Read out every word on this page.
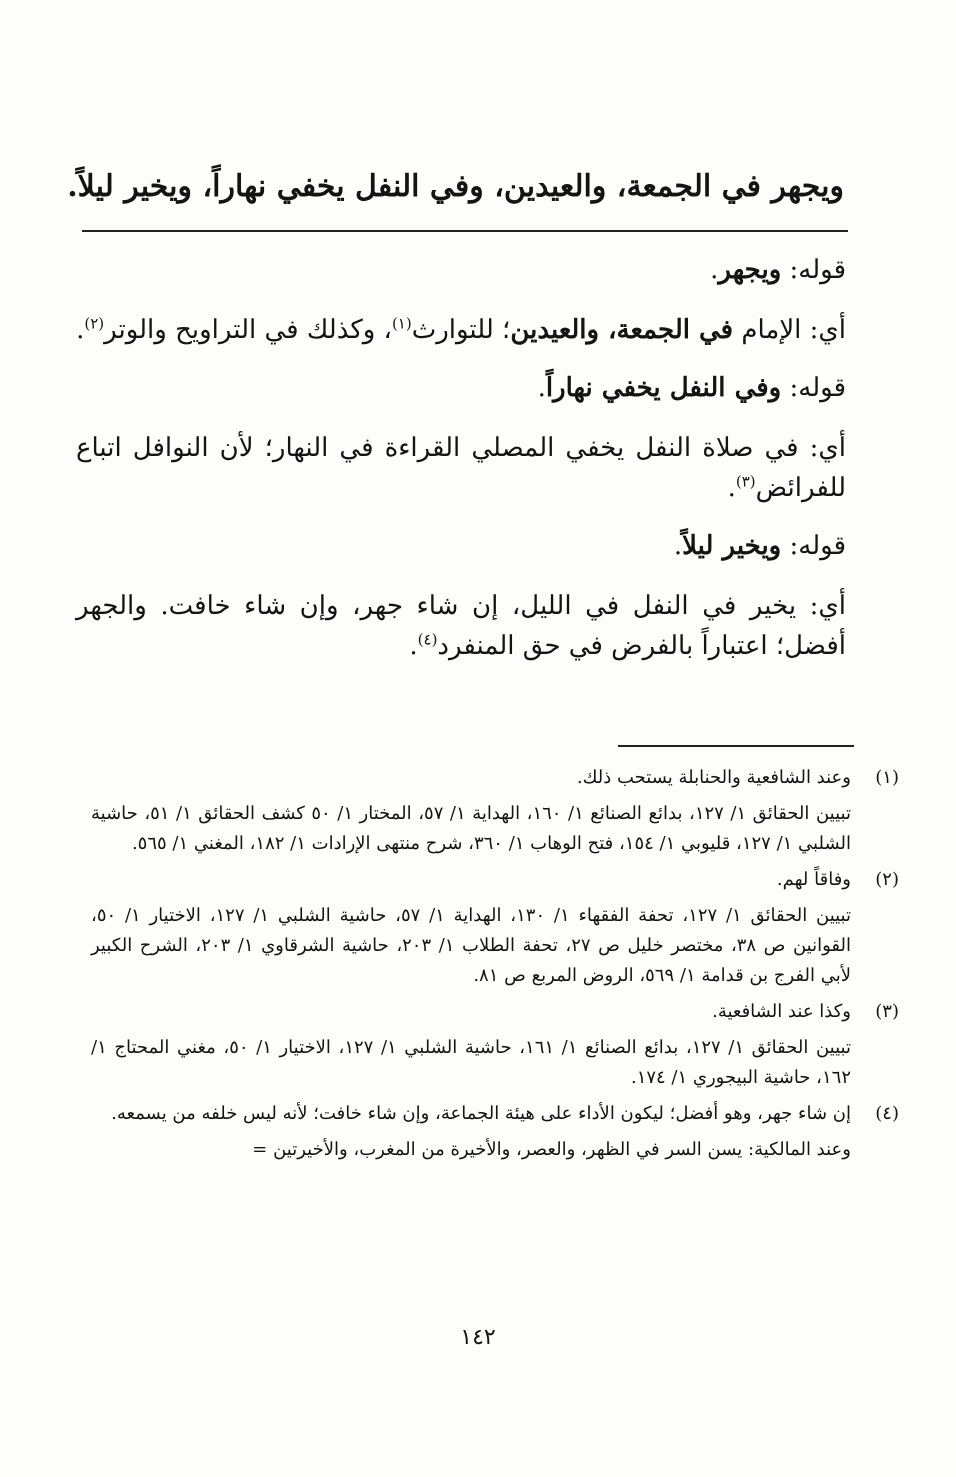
ويجهر في الجمعة، والعيدين، وفي النفل يخفي نهاراً، ويخير ليلاً.

قوله: ويجهر.

أي: الإمام في الجمعة، والعيدين؛ للتوارث$^{(١)}$، وكذلك في التراويح والوتر$^{(٢)}$.

قوله: وفي النفل يخفي نهاراً.

أي: في صلاة النفل يخفي المصلي القراءة في النهار؛ لأن النوافل اتباع للفرائض$^{(٣)}$.

قوله: ويخير ليلاً.

أي: يخير في النفل في الليل، إن شاء جهر، وإن شاء خافت. والجهر أفضل؛ اعتباراً بالفرض في حق المنفرد$^{(٤)}$.

(١)

وعند الشافعية والحنابلة يستحب ذلك.

تبيين الحقائق ١/ ١٢٧، بدائع الصنائع ١/ ١٦٠، الهداية ١/ ٥٧، المختار ١/ ٥٠ كشف الحقائق ١/ ٥١، حاشية الشلبي ١/ ١٢٧، قليوبي ١/ ١٥٤، فتح الوهاب ١/ ٣٦٠، شرح منتهى الإرادات ١/ ١٨٢، المغني ١/ ٥٦٥.

(٢)

وفاقاً لهم.

تبيين الحقائق ١/ ١٢٧، تحفة الفقهاء ١/ ١٣٠، الهداية ١/ ٥٧، حاشية الشلبي ١/ ١٢٧، الاختيار ١/ ٥٠، القوانين ص ٣٨، مختصر خليل ص ٢٧، تحفة الطلاب ١/ ٢٠٣، حاشية الشرقاوي ١/ ٢٠٣، الشرح الكبير لأبي الفرج بن قدامة ١/ ٥٦٩، الروض المربع ص ٨١.

(٣)

وكذا عند الشافعية.

تبيين الحقائق ١/ ١٢٧، بدائع الصنائع ١/ ١٦١، حاشية الشلبي ١/ ١٢٧، الاختيار ١/ ٥٠، مغني المحتاج ١/ ١٦٢، حاشية البيجوري ١/ ١٧٤.

(٤)

إن شاء جهر، وهو أفضل؛ ليكون الأداء على هيئة الجماعة، وإن شاء خافت؛ لأنه ليس خلفه من يسمعه.

وعند المالكية: يسن السر في الظهر، والعصر، والأخيرة من المغرب، والأخيرتين =

١٤٢
